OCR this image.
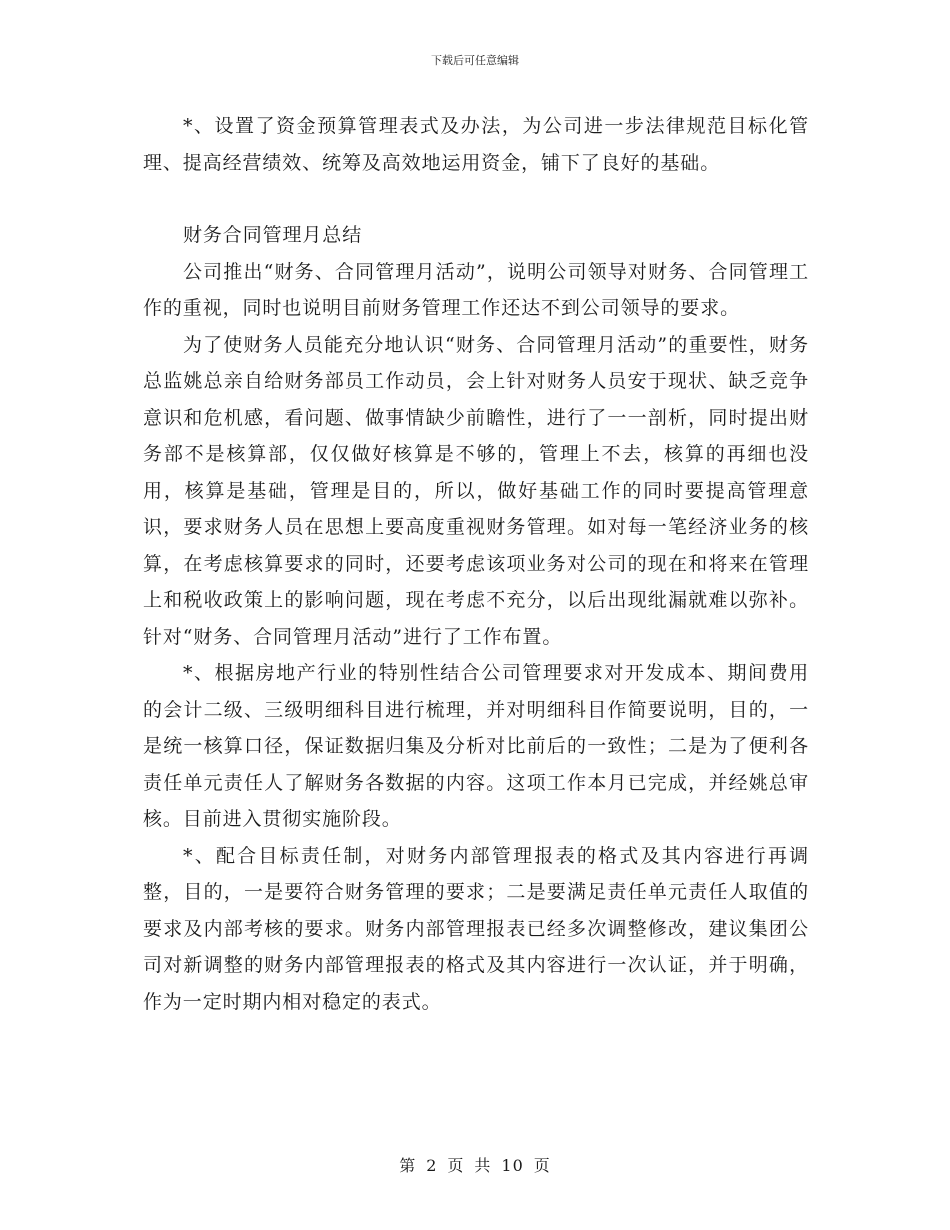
下载后可任意编辑

*、设置了资金预算管理表式及办法，为公司进一步法律规范目标化管理、提高经营绩效、统筹及高效地运用资金，铺下了良好的基础。

财务合同管理月总结

公司推出“财务、合同管理月活动”，说明公司领导对财务、合同管理工作的重视，同时也说明目前财务管理工作还达不到公司领导的要求。

为了使财务人员能充分地认识“财务、合同管理月活动”的重要性，财务总监姚总亲自给财务部员工作动员，会上针对财务人员安于现状、缺乏竞争意识和危机感，看问题、做事情缺少前瞻性，进行了一一剖析，同时提出财务部不是核算部，仅仅做好核算是不够的，管理上不去，核算的再细也没用，核算是基础，管理是目的，所以，做好基础工作的同时要提高管理意识，要求财务人员在思想上要高度重视财务管理。如对每一笔经济业务的核算，在考虑核算要求的同时，还要考虑该项业务对公司的现在和将来在管理上和税收政策上的影响问题，现在考虑不充分，以后出现纰漏就难以弥补。针对“财务、合同管理月活动”进行了工作布置。

*、根据房地产行业的特别性结合公司管理要求对开发成本、期间费用的会计二级、三级明细科目进行梳理，并对明细科目作简要说明，目的，一是统一核算口径，保证数据归集及分析对比前后的一致性；二是为了便利各责任单元责任人了解财务各数据的内容。这项工作本月已完成，并经姚总审核。目前进入贯彻实施阶段。

*、配合目标责任制，对财务内部管理报表的格式及其内容进行再调整，目的，一是要符合财务管理的要求；二是要满足责任单元责任人取值的要求及内部考核的要求。财务内部管理报表已经多次调整修改，建议集团公司对新调整的财务内部管理报表的格式及其内容进行一次认证，并于明确，作为一定时期内相对稳定的表式。

第 2 页 共 10 页
